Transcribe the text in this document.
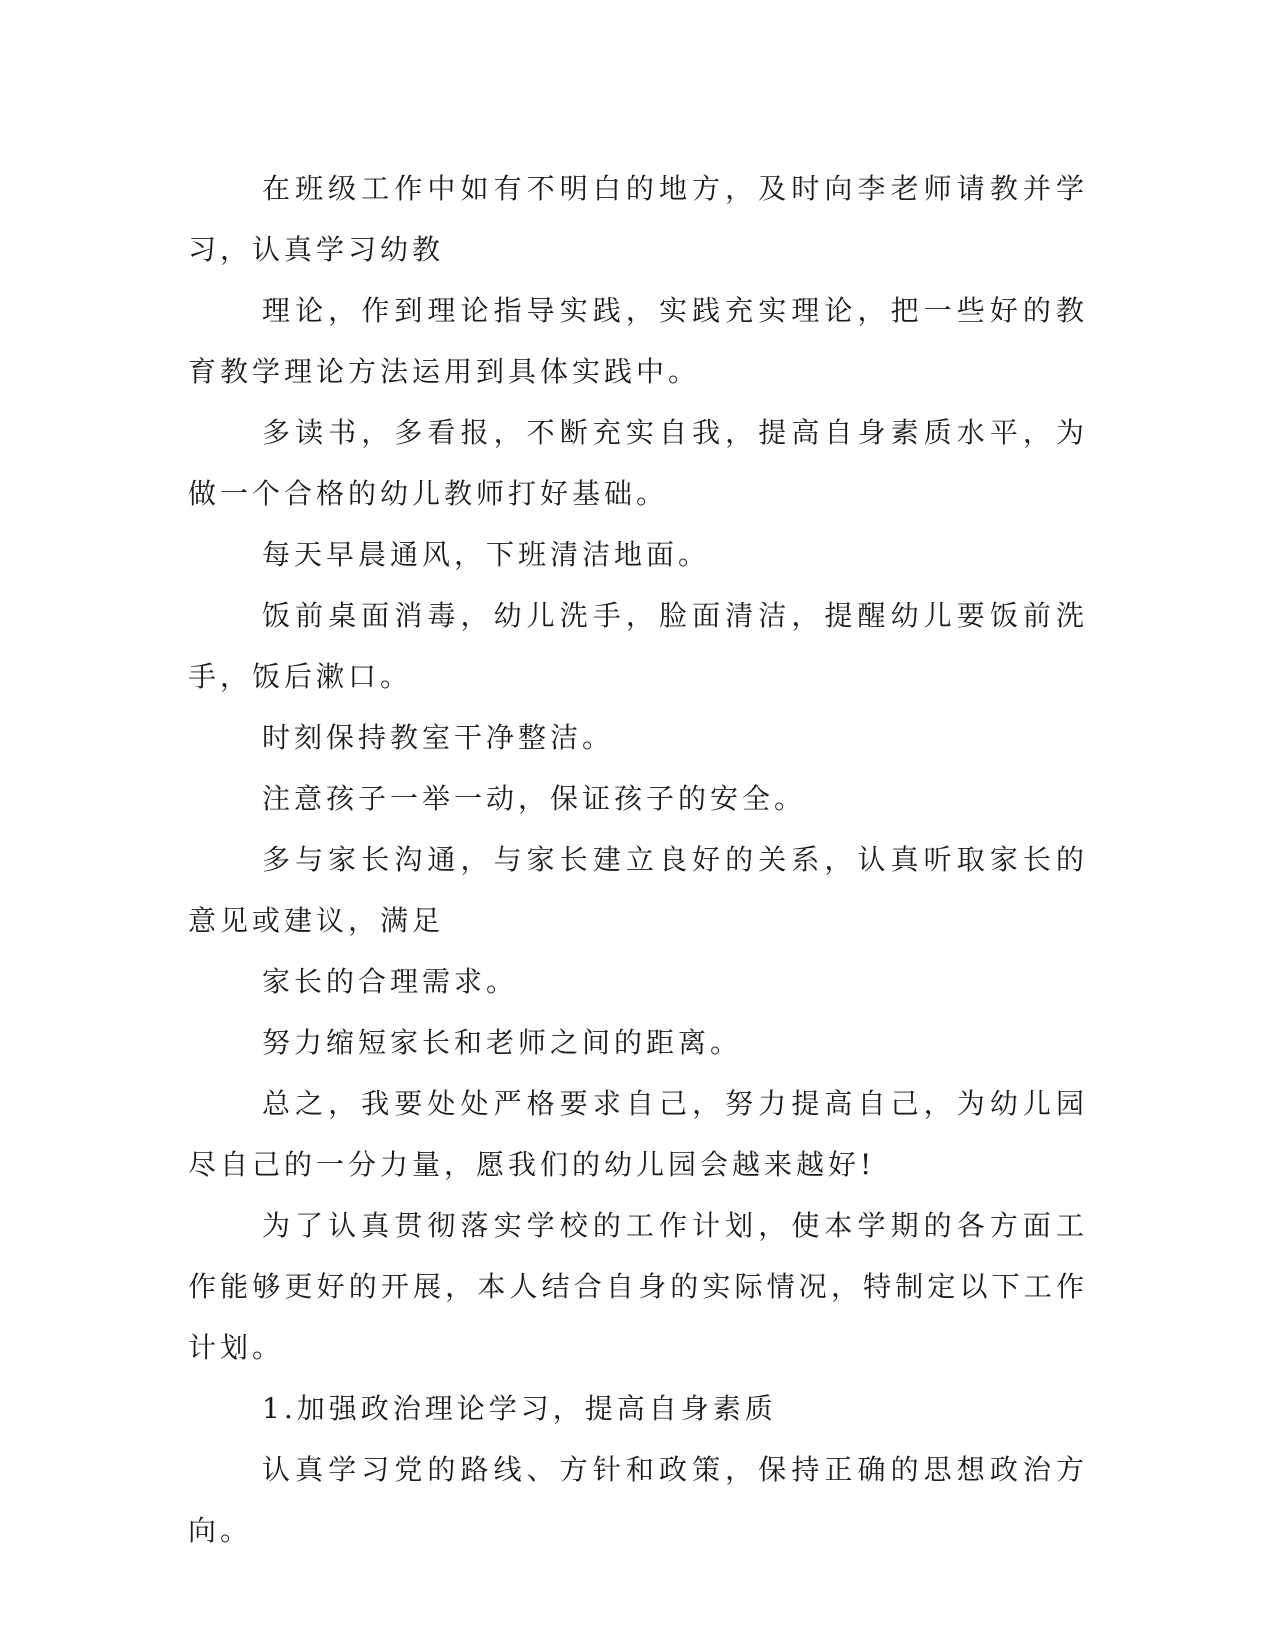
在班级工作中如有不明白的地方，及时向李老师请教并学习，认真学习幼教

理论，作到理论指导实践，实践充实理论，把一些好的教育教学理论方法运用到具体实践中。

多读书，多看报，不断充实自我，提高自身素质水平，为做一个合格的幼儿教师打好基础。

每天早晨通风，下班清洁地面。

饭前桌面消毒，幼儿洗手，脸面清洁，提醒幼儿要饭前洗手，饭后漱口。

时刻保持教室干净整洁。

注意孩子一举一动，保证孩子的安全。

多与家长沟通，与家长建立良好的关系，认真听取家长的意见或建议，满足

家长的合理需求。

努力缩短家长和老师之间的距离。

总之，我要处处严格要求自己，努力提高自己，为幼儿园尽自己的一分力量，愿我们的幼儿园会越来越好!

为了认真贯彻落实学校的工作计划，使本学期的各方面工作能够更好的开展，本人结合自身的实际情况，特制定以下工作计划。

1.加强政治理论学习，提高自身素质

认真学习党的路线、方针和政策，保持正确的思想政治方向。
